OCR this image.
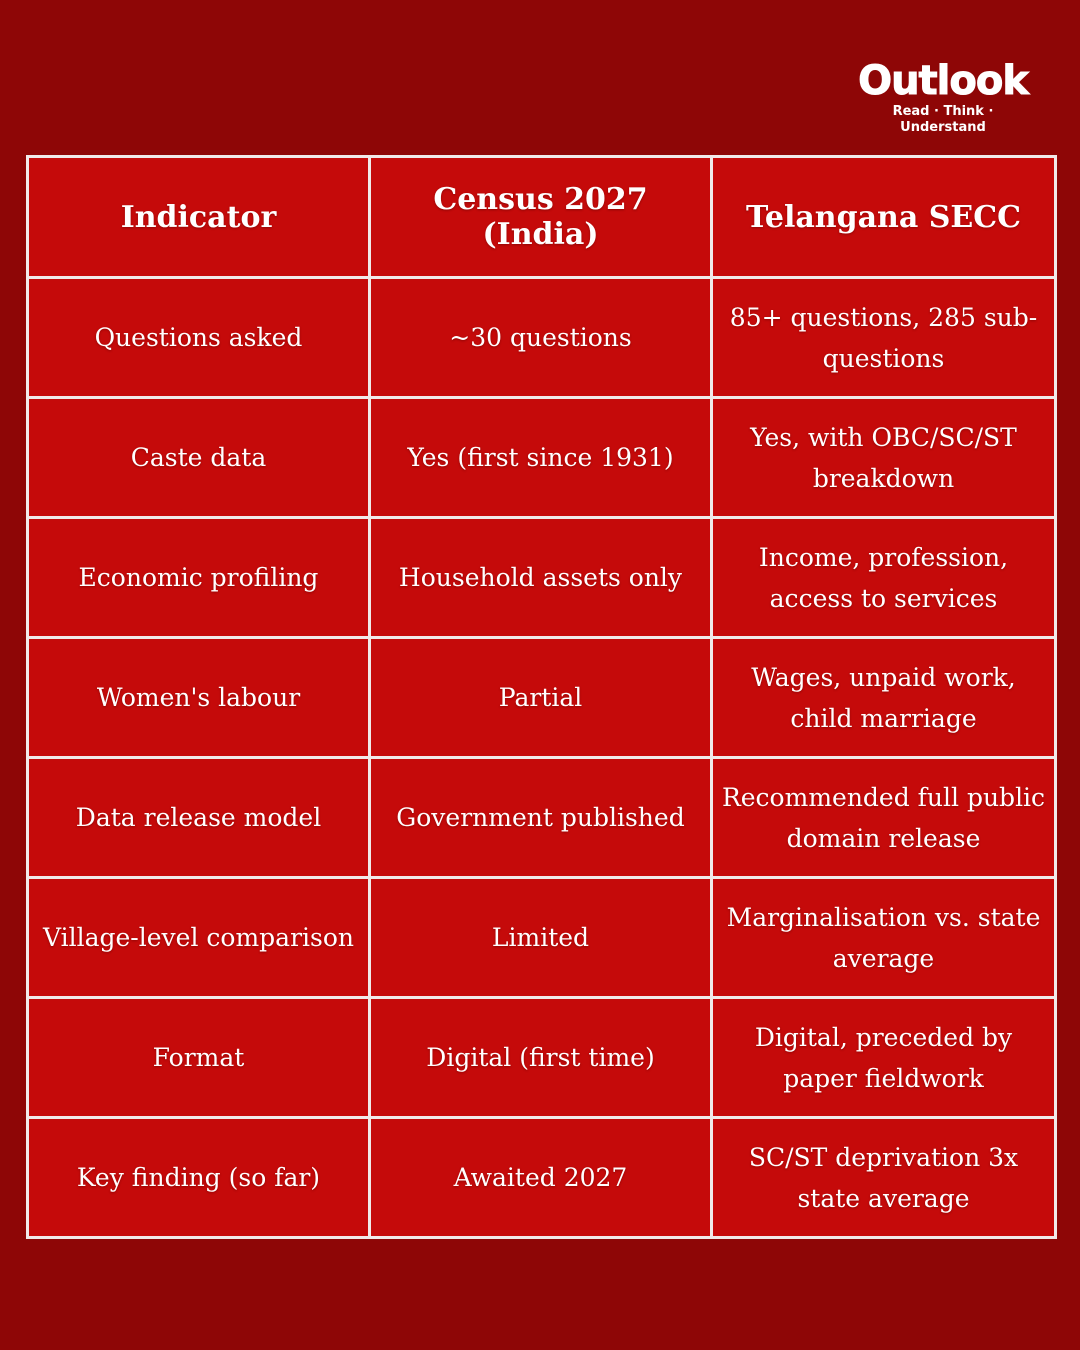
Outlook
Read · Think · Understand
Indicator	Census 2027 (India)	Telangana SECC
Questions asked	~30 questions	85+ questions, 285 sub-questions
Caste data	Yes (first since 1931)	Yes, with OBC/SC/ST breakdown
Economic profiling	Household assets only	Income, profession, access to services
Women's labour	Partial	Wages, unpaid work, child marriage
Data release model	Government published	Recommended full public domain release
Village-level comparison	Limited	Marginalisation vs. state average
Format	Digital (first time)	Digital, preceded by paper fieldwork
Key finding (so far)	Awaited 2027	SC/ST deprivation 3x state average
